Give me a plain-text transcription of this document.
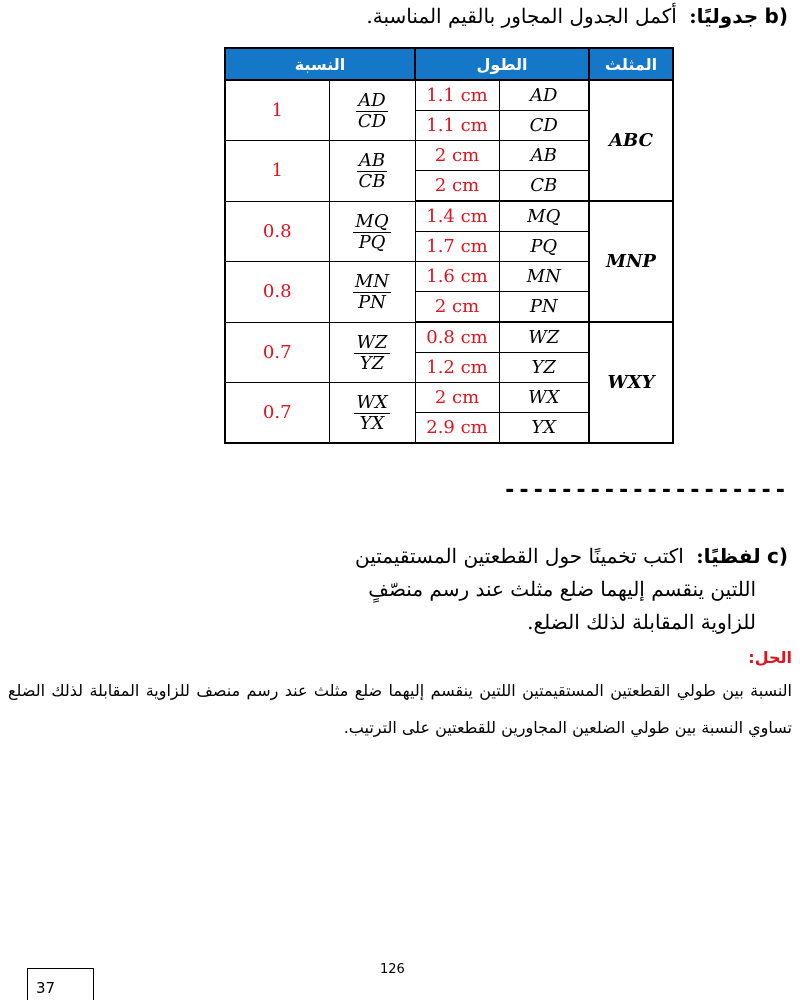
b) جدوليًا: أكمل الجدول المجاور بالقيم المناسبة.
المثلث	الطول		النسبة	
ABC	AD	1.1 cm	$\frac{AD}{CD}$	1
	CD	1.1 cm		
	AB	2 cm	$\frac{AB}{CB}$	1
	CB	2 cm		
MNP	MQ	1.4 cm	$\frac{MQ}{PQ}$	0.8
	PQ	1.7 cm		
	MN	1.6 cm	$\frac{MN}{PN}$	0.8
	PN	2 cm		
WXY	WZ	0.8 cm	$\frac{WZ}{YZ}$	0.7
	YZ	1.2 cm		
	WX	2 cm	$\frac{WX}{YX}$	0.7
	YX	2.9 cm		
--------------------
c) لفظيًا: اكتب تخمينًا حول القطعتين المستقيمتين
اللتين ينقسم إليهما ضلع مثلث عند رسم منصّفٍ
للزاوية المقابلة لذلك الضلع.
الحل:
النسبة بين طولي القطعتين المستقيمتين اللتين ينقسم إليهما ضلع مثلث عند رسم منصف للزاوية المقابلة لذلك الضلع تساوي النسبة بين طولي الضلعين المجاورين للقطعتين على الترتيب.
126
37
